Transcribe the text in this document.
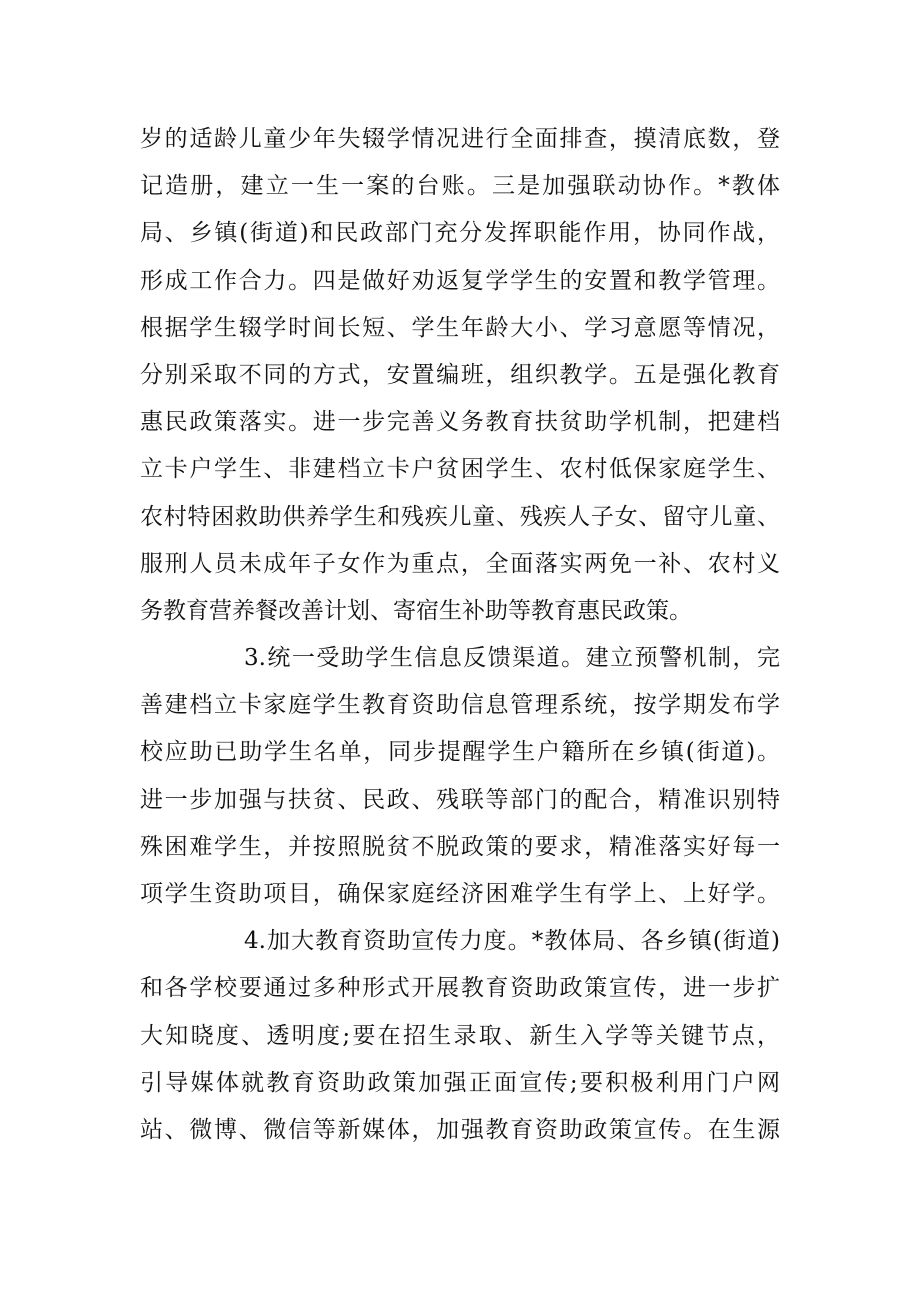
岁的适龄儿童少年失辍学情况进行全面排查，摸清底数，登
记造册，建立一生一案的台账。三是加强联动协作。*教体
局、乡镇(街道)和民政部门充分发挥职能作用，协同作战，
形成工作合力。四是做好劝返复学学生的安置和教学管理。
根据学生辍学时间长短、学生年龄大小、学习意愿等情况，
分别采取不同的方式，安置编班，组织教学。五是强化教育
惠民政策落实。进一步完善义务教育扶贫助学机制，把建档
立卡户学生、非建档立卡户贫困学生、农村低保家庭学生、
农村特困救助供养学生和残疾儿童、残疾人子女、留守儿童、
服刑人员未成年子女作为重点，全面落实两免一补、农村义
务教育营养餐改善计划、寄宿生补助等教育惠民政策。
3.统一受助学生信息反馈渠道。建立预警机制，完
善建档立卡家庭学生教育资助信息管理系统，按学期发布学
校应助已助学生名单，同步提醒学生户籍所在乡镇(街道)。
进一步加强与扶贫、民政、残联等部门的配合，精准识别特
殊困难学生，并按照脱贫不脱政策的要求，精准落实好每一
项学生资助项目，确保家庭经济困难学生有学上、上好学。
4.加大教育资助宣传力度。*教体局、各乡镇(街道)
和各学校要通过多种形式开展教育资助政策宣传，进一步扩
大知晓度、透明度;要在招生录取、新生入学等关键节点，
引导媒体就教育资助政策加强正面宣传;要积极利用门户网
站、微博、微信等新媒体，加强教育资助政策宣传。在生源
